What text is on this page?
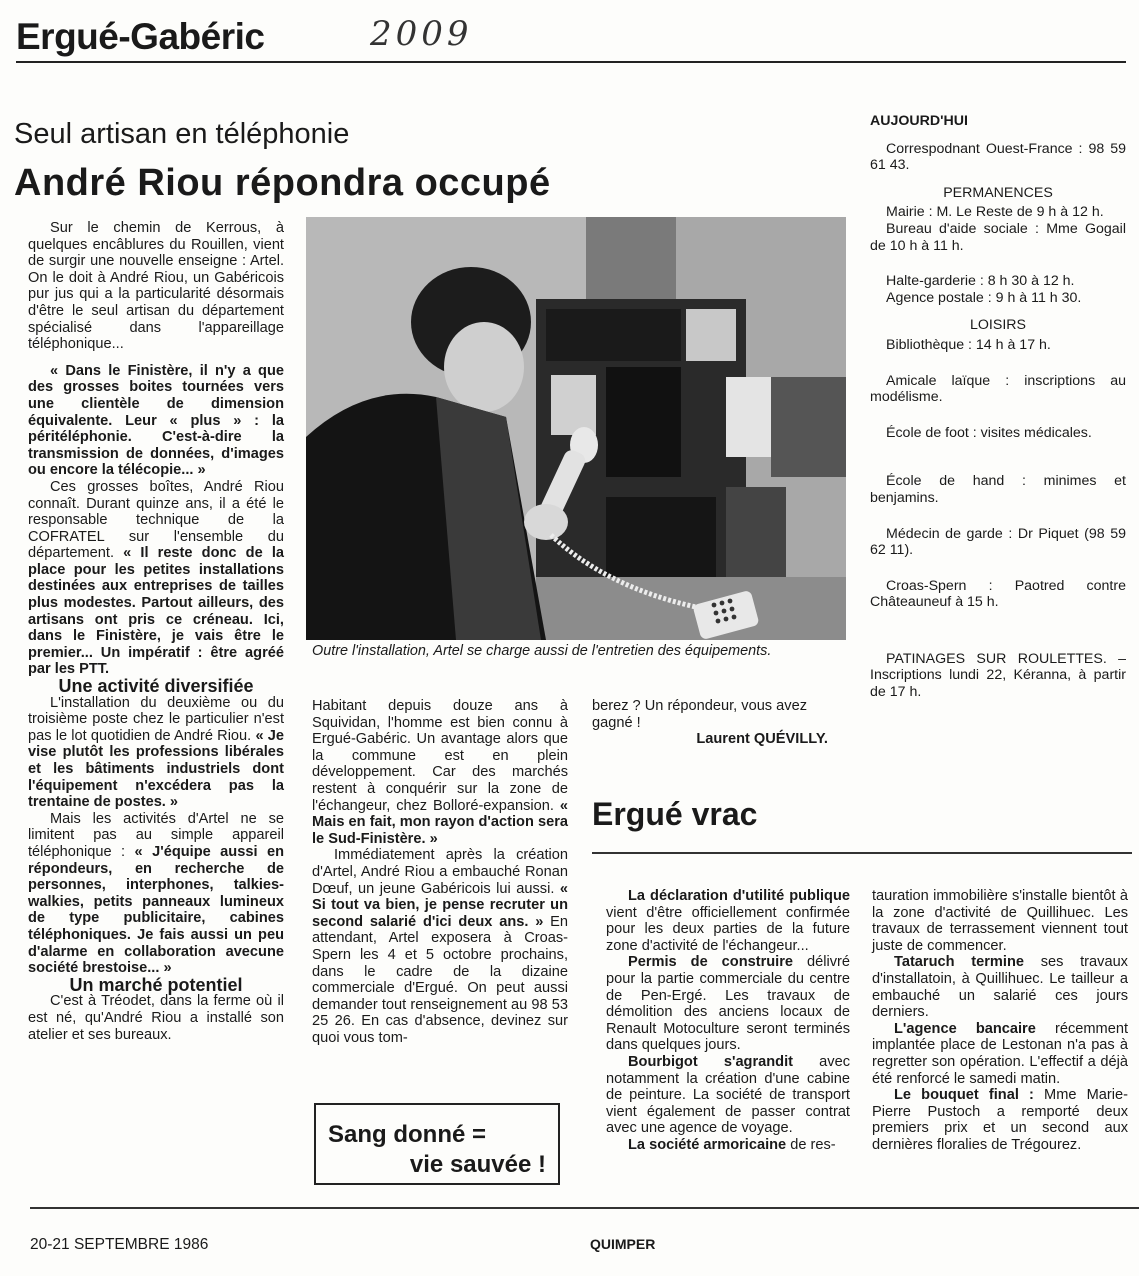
Ergué-Gabéric	2009
Seul artisan en téléphonie
André Riou répondra occupé

Sur le chemin de Kerrous, à quelques encâblures du Rouillen, vient de surgir une nouvelle enseigne : Artel. On le doit à André Riou, un Gabéricois pur jus qui a la particularité désormais d'être le seul artisan du département spécialisé dans l'appareillage téléphonique...

« Dans le Finistère, il n'y a que des grosses boites tournées vers une clientèle de dimension équivalente. Leur « plus » : la péritéléphonie. C'est-à-dire la transmission de données, d'images ou encore la télécopie... »

Ces grosses boîtes, André Riou connaît. Durant quinze ans, il a été le responsable technique de la COFRATEL sur l'ensemble du département. « Il reste donc de la place pour les petites installations destinées aux entreprises de tailles plus modestes. Partout ailleurs, des artisans ont pris ce créneau. Ici, dans le Finistère, je vais être le premier... Un impératif : être agréé par les PTT.

Une activité diversifiée

L'installation du deuxième ou du troisième poste chez le particulier n'est pas le lot quotidien de André Riou. « Je vise plutôt les professions libérales et les bâtiments industriels dont l'équipement n'excédera pas la trentaine de postes. »

Mais les activités d'Artel ne se limitent pas au simple appareil téléphonique : « J'équipe aussi en répondeurs, en recherche de personnes, interphones, talkies-walkies, petits panneaux lumineux de type publicitaire, cabines téléphoniques. Je fais aussi un peu d'alarme en collaboration avecune société brestoise... »

Un marché potentiel

C'est à Tréodet, dans la ferme où il est né, qu'André Riou a installé son atelier et ses bureaux.

Outre l'installation, Artel se charge aussi de l'entretien des équipements.

Habitant depuis douze ans à Squividan, l'homme est bien connu à Ergué-Gabéric. Un avantage alors que la commune est en plein développement. Car des marchés restent à conquérir sur la zone de l'échangeur, chez Bolloré-expansion. « Mais en fait, mon rayon d'action sera le Sud-Finistère. »

Immédiatement après la création d'Artel, André Riou a embauché Ronan Dœuf, un jeune Gabéricois lui aussi. « Si tout va bien, je pense recruter un second salarié d'ici deux ans. » En attendant, Artel exposera à Croas-Spern les 4 et 5 octobre prochains, dans le cadre de la dizaine commerciale d'Ergué. On peut aussi demander tout renseignement au 98 53 25 26. En cas d'absence, devinez sur quoi vous tom-

berez ? Un répondeur, vous avez gagné !

Laurent QUÉVILLY.

Ergué vrac

La déclaration d'utilité publique vient d'être officiellement confirmée pour les deux parties de la future zone d'activité de l'échangeur...

Permis de construire délivré pour la partie commerciale du centre de Pen-Ergé. Les travaux de démolition des anciens locaux de Renault Motoculture seront terminés dans quelques jours.

Bourbigot s'agrandit avec notamment la création d'une cabine de peinture. La société de transport vient également de passer contrat avec une agence de voyage.

La société armoricaine de res-

tauration immobilière s'installe bientôt à la zone d'activité de Quillihuec. Les travaux de terrassement viennent tout juste de commencer.

Tataruch termine ses travaux d'installatoin, à Quillihuec. Le tailleur a embauché un salarié ces jours derniers.

L'agence bancaire récemment implantée place de Lestonan n'a pas à regretter son opération. L'effectif a déjà été renforcé le samedi matin.

Le bouquet final : Mme Marie-Pierre Pustoch a remporté deux premiers prix et un second aux dernières floralies de Trégourez.

AUJOURD'HUI

Correspodnant Ouest-France : 98 59 61 43.

PERMANENCES

Mairie : M. Le Reste de 9 h à 12 h.

Bureau d'aide sociale : Mme Gogail de 10 h à 11 h.

Halte-garderie : 8 h 30 à 12 h.

Agence postale : 9 h à 11 h 30.

LOISIRS

Bibliothèque : 14 h à 17 h.

Amicale laïque : inscriptions au modélisme.

École de foot : visites médicales.

École de hand : minimes et benjamins.

Médecin de garde : Dr Piquet (98 59 62 11).

Croas-Spern : Paotred contre Châteauneuf à 15 h.

PATINAGES SUR ROULETTES. – Inscriptions lundi 22, Kéranna, à partir de 17 h.

Sang donné =
vie sauvée !
20-21 SEPTEMBRE 1986	QUIMPER
